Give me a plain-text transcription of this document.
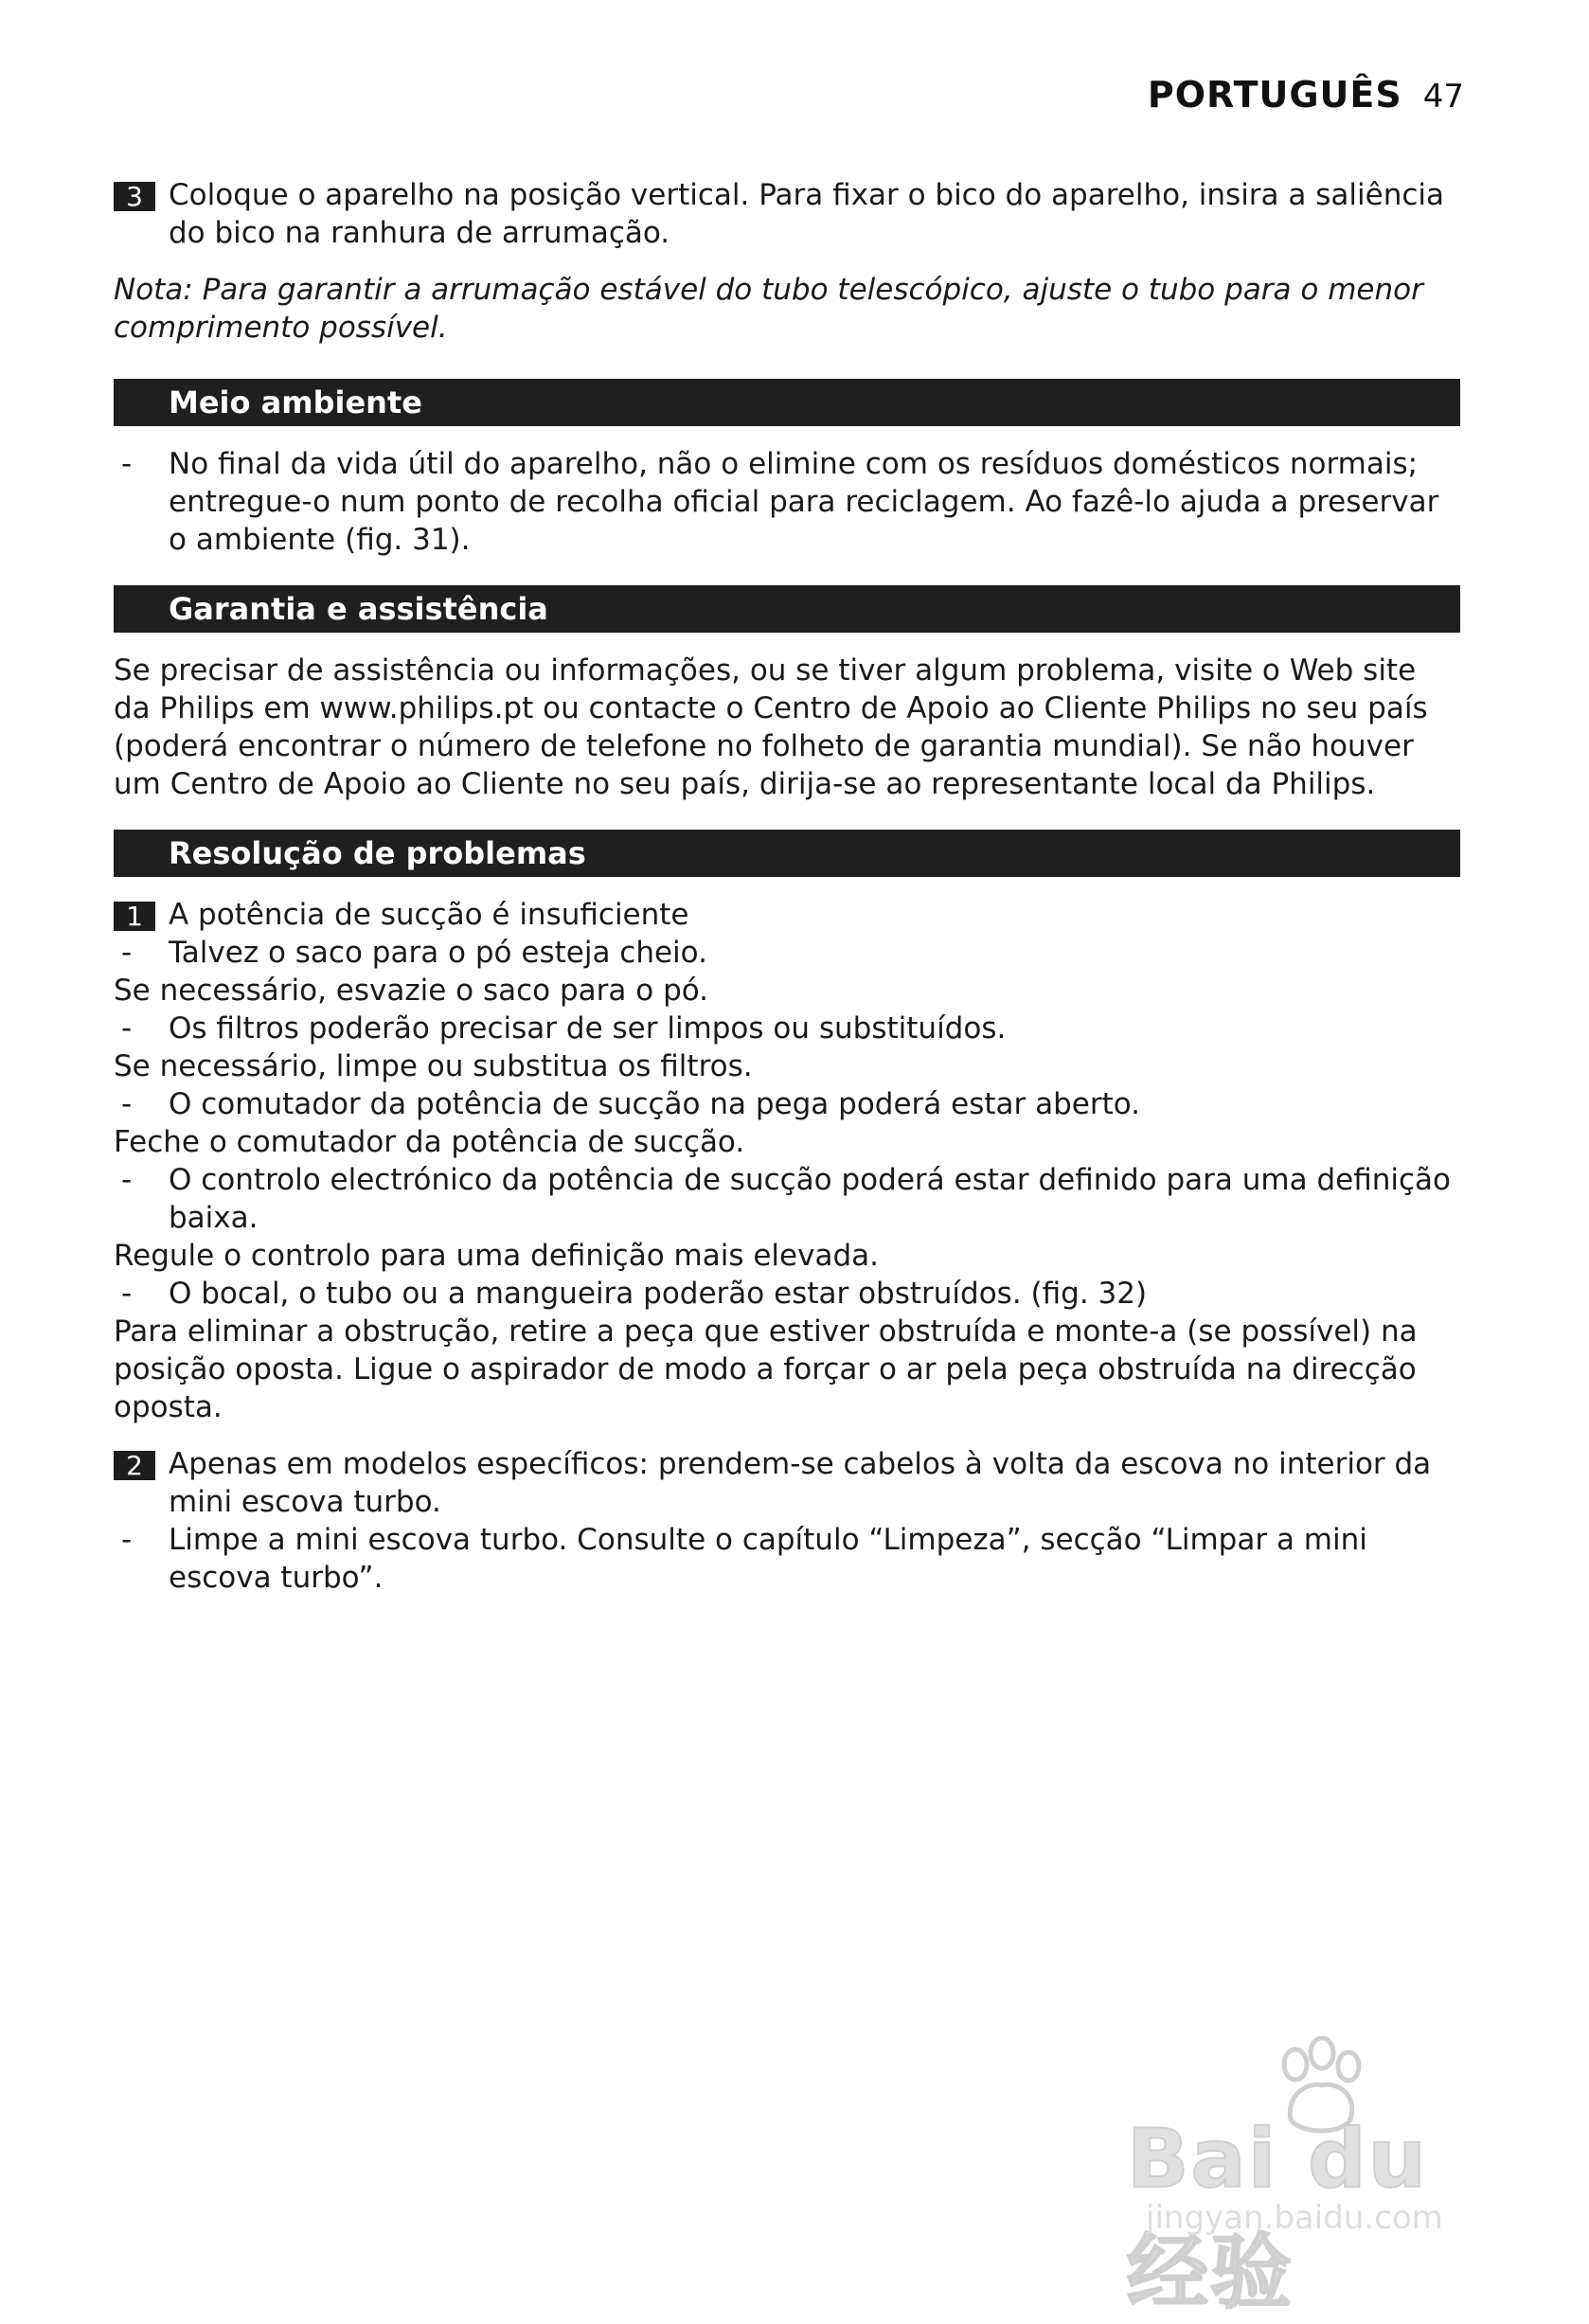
PORTUGUÊS 47
3 Coloque o aparelho na posição vertical. Para fixar o bico do aparelho, insira a saliência do bico na ranhura de arrumação.
Nota: Para garantir a arrumação estável do tubo telescópico, ajuste o tubo para o menor comprimento possível.
Meio ambiente
- No final da vida útil do aparelho, não o elimine com os resíduos domésticos normais; entregue-o num ponto de recolha oficial para reciclagem. Ao fazê-lo ajuda a preservar o ambiente (fig. 31).
Garantia e assistência
Se precisar de assistência ou informações, ou se tiver algum problema, visite o Web site da Philips em www.philips.pt ou contacte o Centro de Apoio ao Cliente Philips no seu país (poderá encontrar o número de telefone no folheto de garantia mundial). Se não houver um Centro de Apoio ao Cliente no seu país, dirija-se ao representante local da Philips.
Resolução de problemas
1 A potência de sucção é insuficiente
- Talvez o saco para o pó esteja cheio.
Se necessário, esvazie o saco para o pó.
- Os filtros poderão precisar de ser limpos ou substituídos.
Se necessário, limpe ou substitua os filtros.
- O comutador da potência de sucção na pega poderá estar aberto.
Feche o comutador da potência de sucção.
- O controlo electrónico da potência de sucção poderá estar definido para uma definição baixa.
Regule o controlo para uma definição mais elevada.
- O bocal, o tubo ou a mangueira poderão estar obstruídos. (fig. 32)
Para eliminar a obstrução, retire a peça que estiver obstruída e monte-a (se possível) na posição oposta. Ligue o aspirador de modo a forçar o ar pela peça obstruída na direcção oposta.
2 Apenas em modelos específicos: prendem-se cabelos à volta da escova no interior da mini escova turbo.
- Limpe a mini escova turbo. Consulte o capítulo “Limpeza”, secção “Limpar a mini escova turbo”.
Bai du 经验
jingyan.baidu.com
